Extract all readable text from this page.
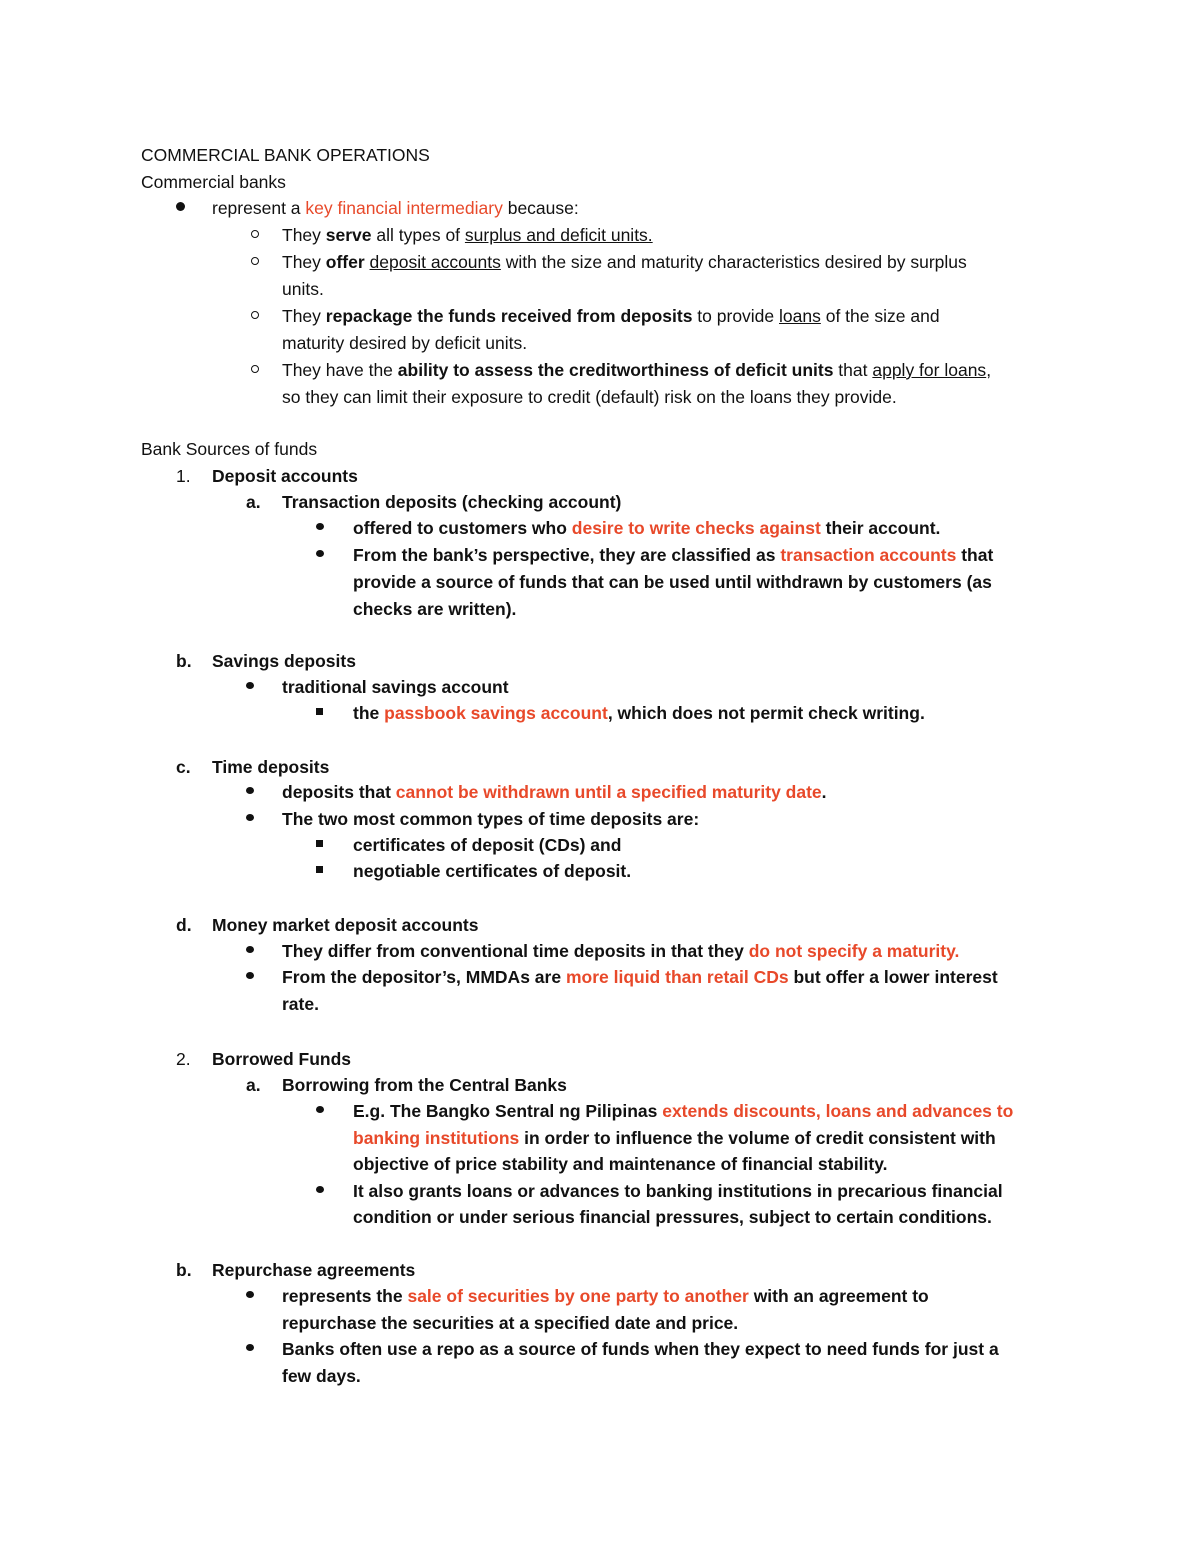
COMMERCIAL BANK OPERATIONS
Commercial banks
represent a key financial intermediary because:
They serve all types of surplus and deficit units.
They offer deposit accounts with the size and maturity characteristics desired by surplus
units.
They repackage the funds received from deposits to provide loans of the size and
maturity desired by deficit units.
They have the ability to assess the creditworthiness of deficit units that apply for loans,
so they can limit their exposure to credit (default) risk on the loans they provide.
Bank Sources of funds
1. Deposit accounts
a. Transaction deposits (checking account)
offered to customers who desire to write checks against their account.
From the bank’s perspective, they are classified as transaction accounts that
provide a source of funds that can be used until withdrawn by customers (as
checks are written).
b. Savings deposits
traditional savings account
the passbook savings account, which does not permit check writing.
c. Time deposits
deposits that cannot be withdrawn until a specified maturity date.
The two most common types of time deposits are:
certificates of deposit (CDs) and
negotiable certificates of deposit.
d. Money market deposit accounts
They differ from conventional time deposits in that they do not specify a maturity.
From the depositor’s, MMDAs are more liquid than retail CDs but offer a lower interest
rate.
2. Borrowed Funds
a. Borrowing from the Central Banks
E.g. The Bangko Sentral ng Pilipinas extends discounts, loans and advances to
banking institutions in order to influence the volume of credit consistent with
objective of price stability and maintenance of financial stability.
It also grants loans or advances to banking institutions in precarious financial
condition or under serious financial pressures, subject to certain conditions.
b. Repurchase agreements
represents the sale of securities by one party to another with an agreement to
repurchase the securities at a specified date and price.
Banks often use a repo as a source of funds when they expect to need funds for just a
few days.
